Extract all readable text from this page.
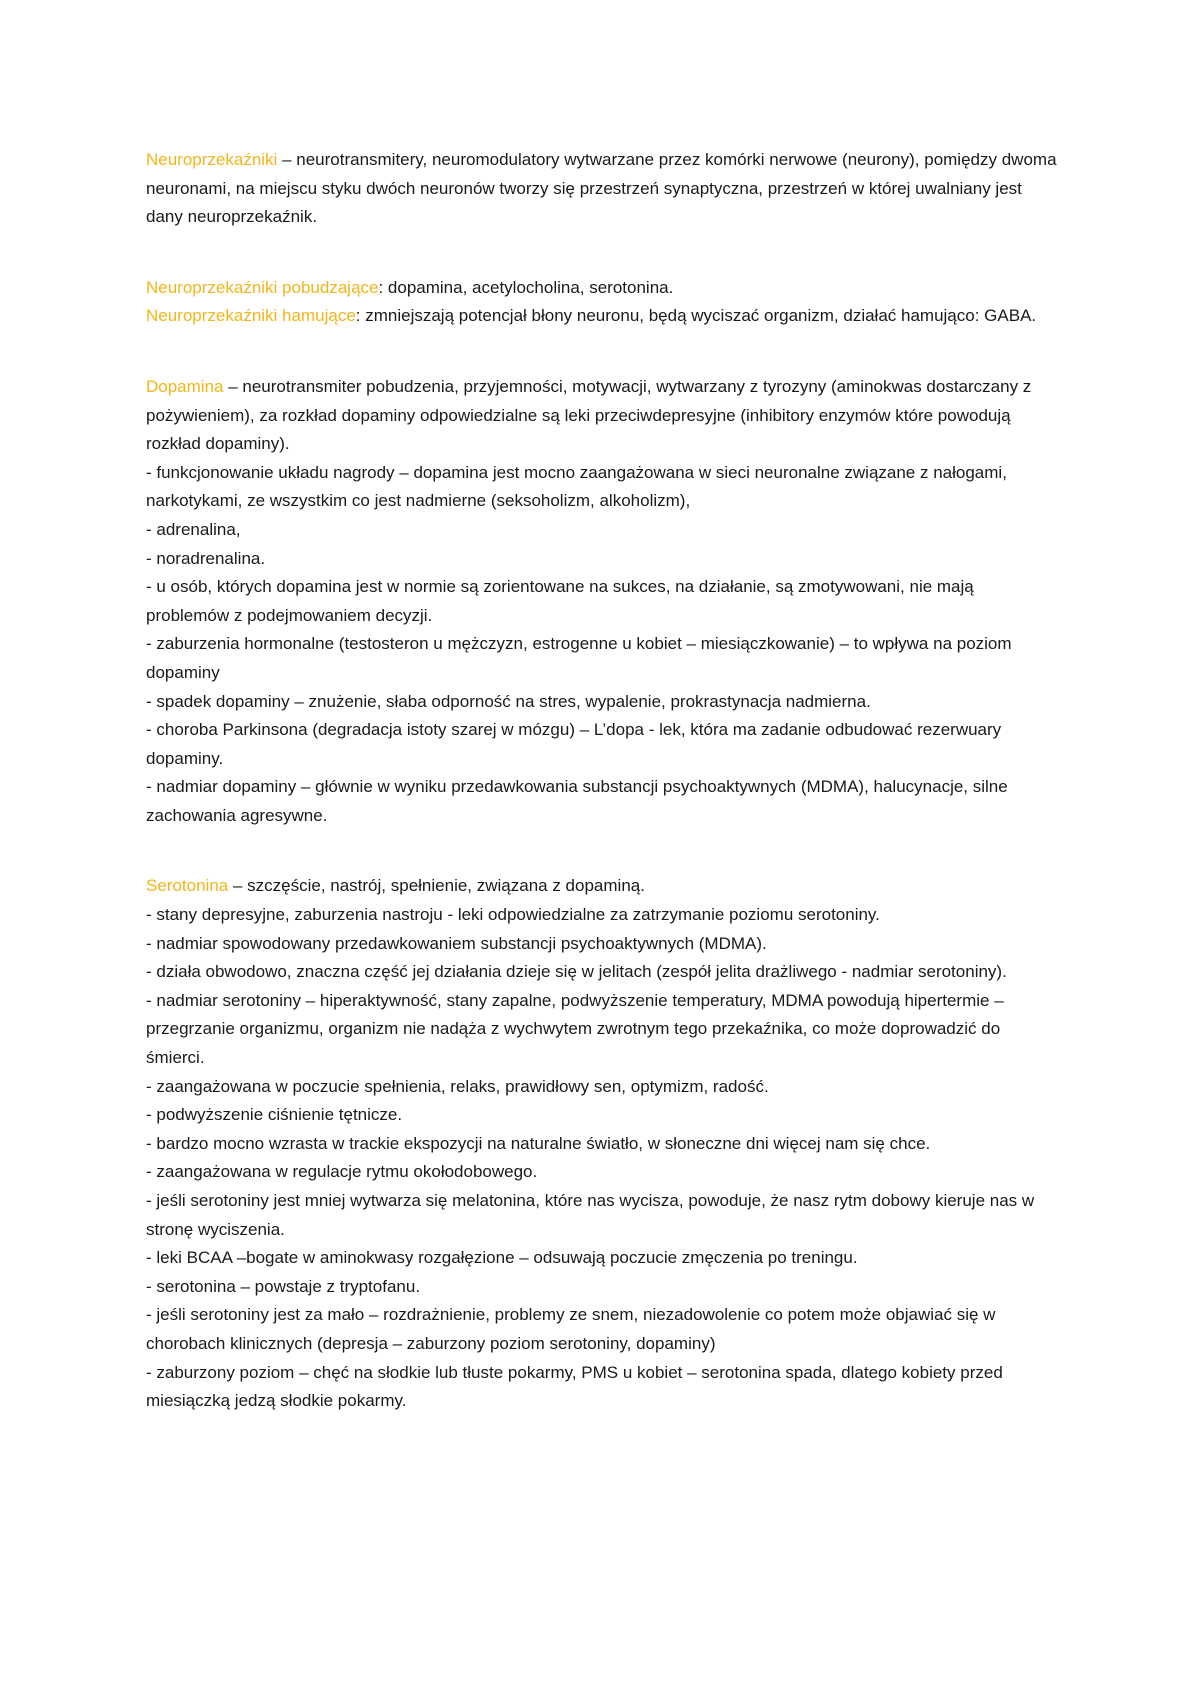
Neuroprzekaźniki – neurotransmitery, neuromodulatory wytwarzane przez komórki nerwowe (neurony), pomiędzy dwoma neuronami, na miejscu styku dwóch neuronów tworzy się przestrzeń synaptyczna, przestrzeń w której uwalniany jest dany neuroprzekaźnik.

Neuroprzekaźniki pobudzające: dopamina, acetylocholina, serotonina.
Neuroprzekaźniki hamujące: zmniejszają potencjał błony neuronu, będą wyciszać organizm, działać hamująco: GABA.

Dopamina – neurotransmiter pobudzenia, przyjemności, motywacji, wytwarzany z tyrozyny (aminokwas dostarczany z pożywieniem), za rozkład dopaminy odpowiedzialne są leki przeciwdepresyjne (inhibitory enzymów które powodują rozkład dopaminy).
- funkcjonowanie układu nagrody – dopamina jest mocno zaangażowana w sieci neuronalne związane z nałogami, narkotykami, ze wszystkim co jest nadmierne (seksoholizm, alkoholizm),
- adrenalina,
- noradrenalina.
- u osób, których dopamina jest w normie są zorientowane na sukces, na działanie, są zmotywowani, nie mają problemów z podejmowaniem decyzji.
- zaburzenia hormonalne (testosteron u mężczyzn, estrogenne u kobiet – miesiączkowanie) – to wpływa na poziom dopaminy
- spadek dopaminy – znużenie, słaba odporność na stres, wypalenie, prokrastynacja nadmierna.
- choroba Parkinsona (degradacja istoty szarej w mózgu) – L’dopa - lek, która ma zadanie odbudować rezerwuary dopaminy.
- nadmiar dopaminy – głównie w wyniku przedawkowania substancji psychoaktywnych (MDMA), halucynacje, silne zachowania agresywne.
Serotonina – szczęście, nastrój, spełnienie, związana z dopaminą.
- stany depresyjne, zaburzenia nastroju - leki odpowiedzialne za zatrzymanie poziomu serotoniny.
- nadmiar spowodowany przedawkowaniem substancji psychoaktywnych (MDMA).
- działa obwodowo, znaczna część jej działania dzieje się w jelitach (zespół jelita drażliwego - nadmiar serotoniny).
- nadmiar serotoniny – hiperaktywność, stany zapalne, podwyższenie temperatury, MDMA powodują hipertermie – przegrzanie organizmu, organizm nie nadąża z wychwytem zwrotnym tego przekaźnika, co może doprowadzić do śmierci.
- zaangażowana w poczucie spełnienia, relaks, prawidłowy sen, optymizm, radość.
- podwyższenie ciśnienie tętnicze.
- bardzo mocno wzrasta w trackie ekspozycji na naturalne światło, w słoneczne dni więcej nam się chce.
- zaangażowana w regulacje rytmu okołodobowego.
- jeśli serotoniny jest mniej wytwarza się melatonina, które nas wycisza, powoduje, że nasz rytm dobowy kieruje nas w stronę wyciszenia.
- leki BCAA –bogate w aminokwasy rozgałęzione – odsuwają poczucie zmęczenia po treningu.
- serotonina – powstaje z tryptofanu.
- jeśli serotoniny jest za mało – rozdrażnienie, problemy ze snem, niezadowolenie co potem może objawiać się w chorobach klinicznych (depresja – zaburzony poziom serotoniny, dopaminy)
- zaburzony poziom – chęć na słodkie lub tłuste pokarmy, PMS u kobiet – serotonina spada, dlatego kobiety przed miesiączką jedzą słodkie pokarmy.
